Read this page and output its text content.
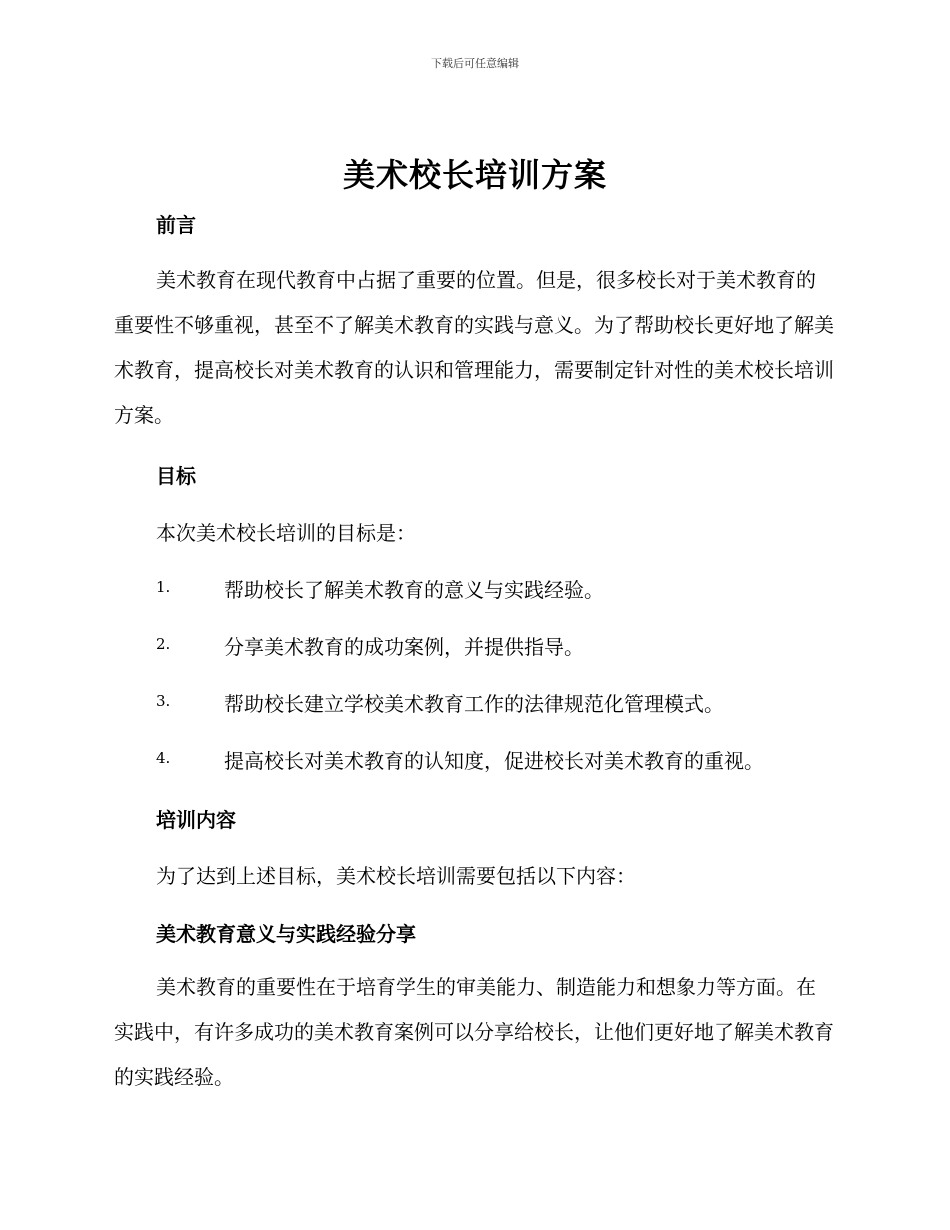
下载后可任意编辑
美术校长培训方案
前言

美术教育在现代教育中占据了重要的位置。但是，很多校长对于美术教育的重要性不够重视，甚至不了解美术教育的实践与意义。为了帮助校长更好地了解美术教育，提高校长对美术教育的认识和管理能力，需要制定针对性的美术校长培训方案。

目标
本次美术校长培训的目标是：
1.	帮助校长了解美术教育的意义与实践经验。
2.	分享美术教育的成功案例，并提供指导。
3.	帮助校长建立学校美术教育工作的法律规范化管理模式。
4.	提高校长对美术教育的认知度，促进校长对美术教育的重视。
培训内容
为了达到上述目标，美术校长培训需要包括以下内容：
美术教育意义与实践经验分享

美术教育的重要性在于培育学生的审美能力、制造能力和想象力等方面。在实践中，有许多成功的美术教育案例可以分享给校长，让他们更好地了解美术教育的实践经验。
